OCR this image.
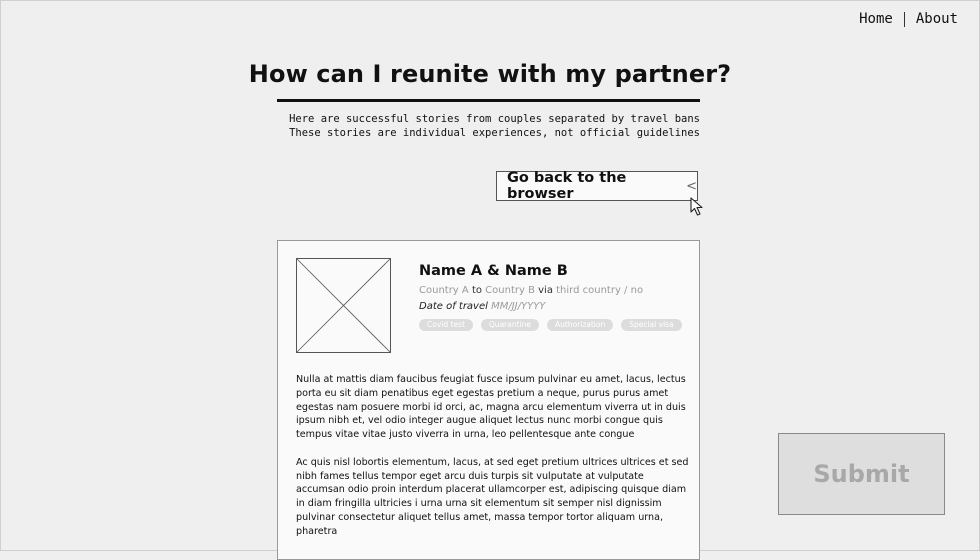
Home About
How can I reunite with my partner?
Here are successful stories from couples separated by travel bans
These stories are individual experiences, not official guidelines
Go back to the browser	<
Name A & Name B
Country A to Country B via third country / no
Date of travel MM/JJ/YYYY
Covid test	Quarantine	Authorization	Special visa

Nulla at mattis diam faucibus feugiat fusce ipsum pulvinar eu amet, lacus, lectus porta eu sit diam penatibus eget egestas pretium a neque, purus purus amet egestas nam posuere morbi id orci, ac, magna arcu elementum viverra ut in duis ipsum nibh et, vel odio integer augue aliquet lectus nunc morbi congue quis tempus vitae vitae justo viverra in urna, leo pellentesque ante congue

Ac quis nisl lobortis elementum, lacus, at sed eget pretium ultrices ultrices et sed nibh fames tellus tempor eget arcu duis turpis sit vulputate at vulputate accumsan odio proin interdum placerat ullamcorper est, adipiscing quisque diam in diam fringilla ultricies i urna urna sit elementum sit semper nisl dignissim pulvinar consectetur aliquet tellus amet, massa tempor tortor aliquam urna, pharetra

Submit
